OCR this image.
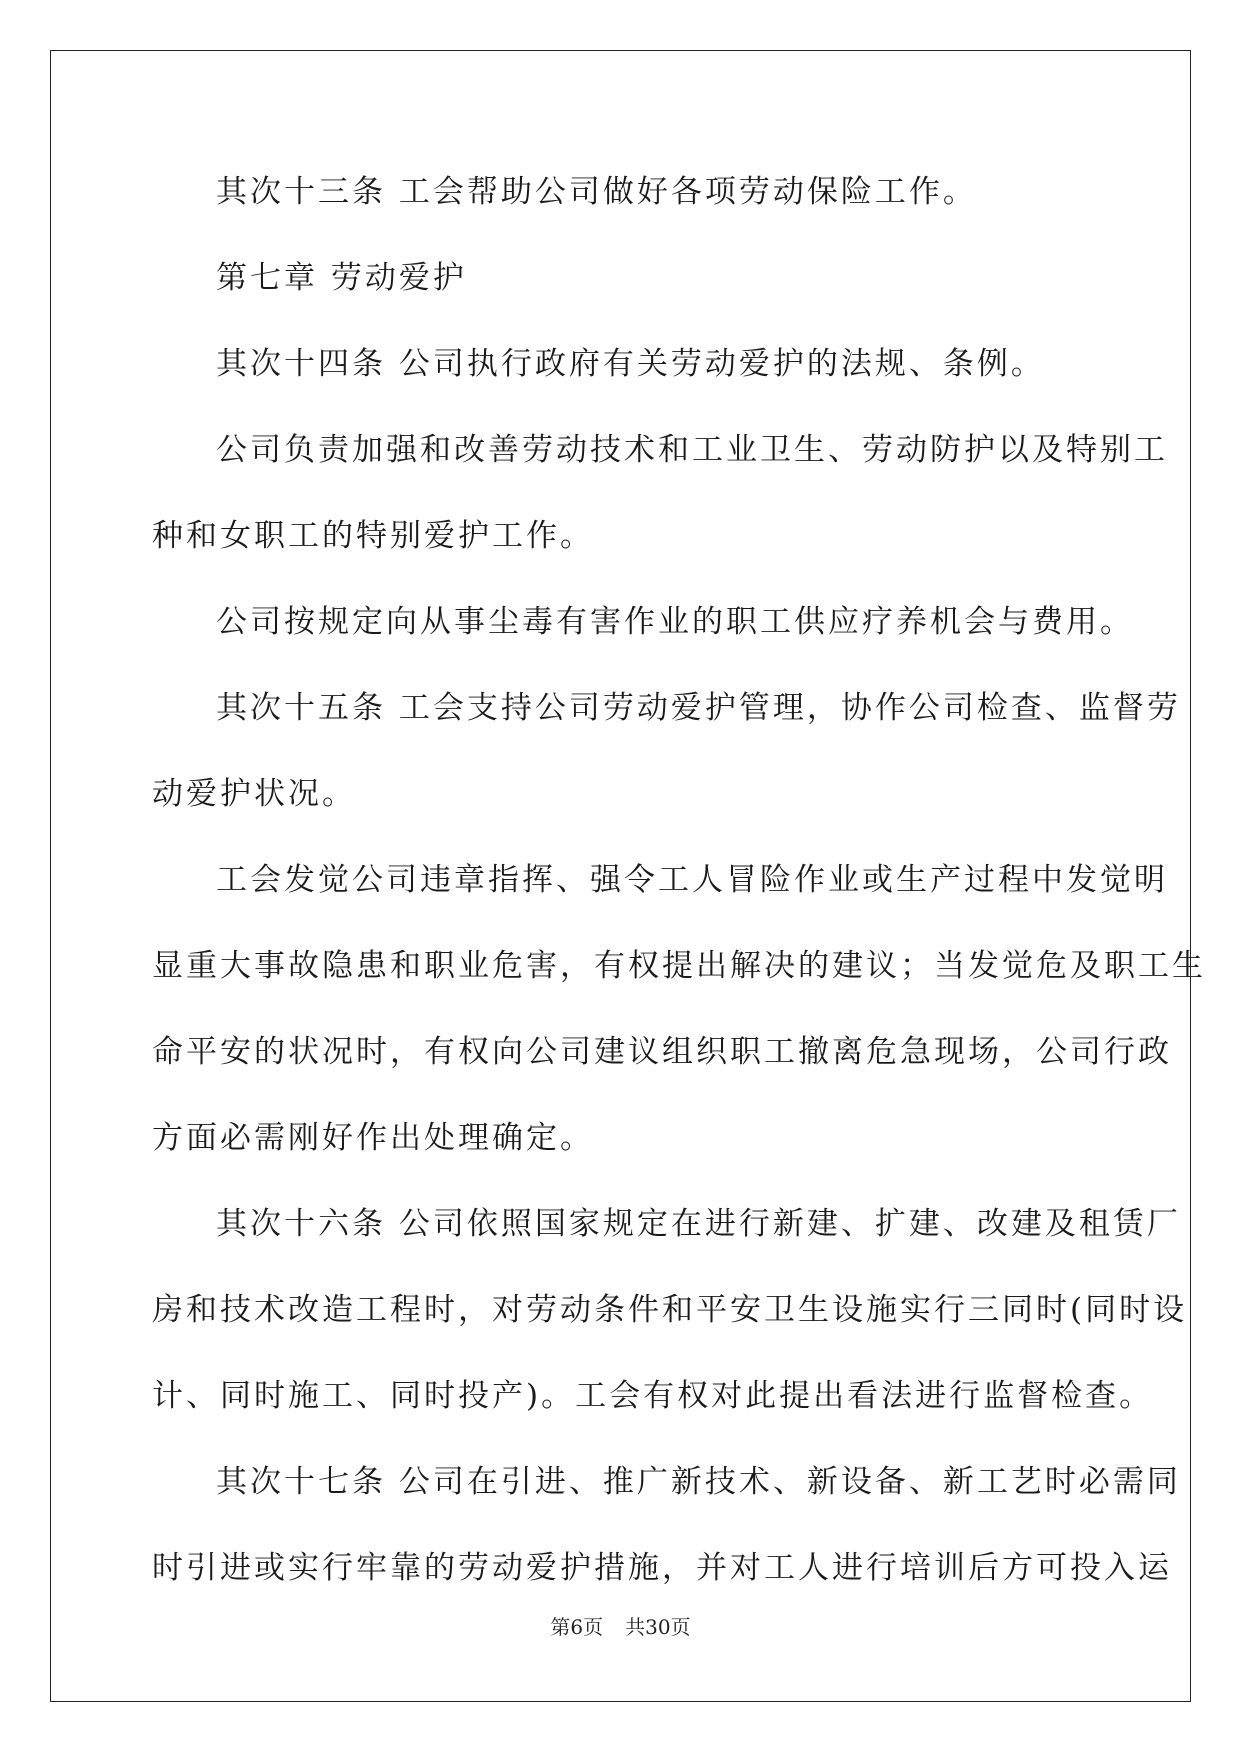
其次十三条 工会帮助公司做好各项劳动保险工作。
第七章 劳动爱护
其次十四条 公司执行政府有关劳动爱护的法规、条例。
公司负责加强和改善劳动技术和工业卫生、劳动防护以及特别工
种和女职工的特别爱护工作。
公司按规定向从事尘毒有害作业的职工供应疗养机会与费用。
其次十五条 工会支持公司劳动爱护管理，协作公司检查、监督劳
动爱护状况。
工会发觉公司违章指挥、强令工人冒险作业或生产过程中发觉明
显重大事故隐患和职业危害，有权提出解决的建议；当发觉危及职工生
命平安的状况时，有权向公司建议组织职工撤离危急现场，公司行政
方面必需刚好作出处理确定。
其次十六条 公司依照国家规定在进行新建、扩建、改建及租赁厂
房和技术改造工程时，对劳动条件和平安卫生设施实行三同时(同时设
计、同时施工、同时投产)。工会有权对此提出看法进行监督检查。
其次十七条 公司在引进、推广新技术、新设备、新工艺时必需同
时引进或实行牢靠的劳动爱护措施，并对工人进行培训后方可投入运
第6页 共30页
